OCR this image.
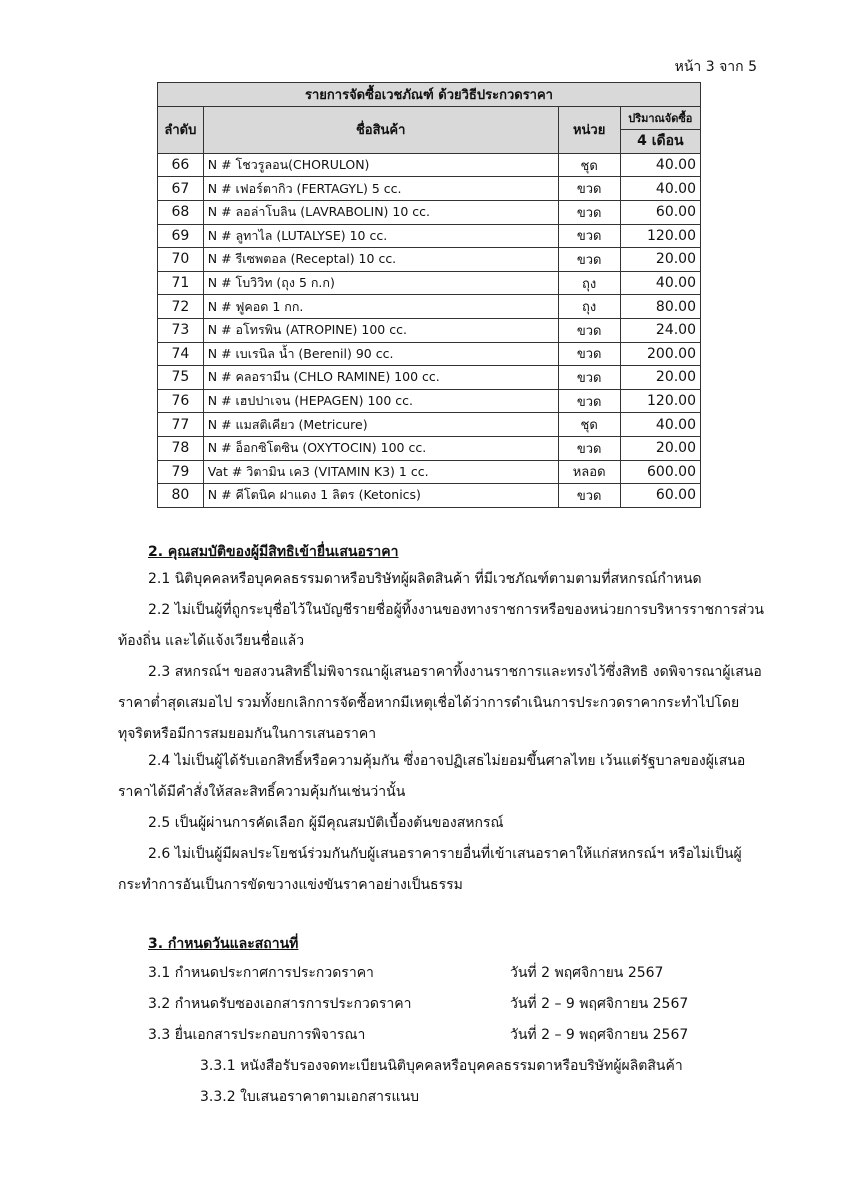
หน้า 3 จาก 5
รายการจัดซื้อเวชภัณฑ์ ด้วยวิธีประกวดราคา			
ลำดับ	ชื่อสินค้า	หน่วย	ปริมาณจัดซื้อ
			4 เดือน
66	N # โชวรูลอน(CHORULON)	ชุด	40.00
67	N # เฟอร์ตากิว (FERTAGYL) 5 cc.	ขวด	40.00
68	N # ลอล่าโบลิน (LAVRABOLIN) 10 cc.	ขวด	60.00
69	N # ลูทาไล (LUTALYSE) 10 cc.	ขวด	120.00
70	N # รีเซพตอล (Receptal) 10 cc.	ขวด	20.00
71	N # โบวิวิท (ถุง 5 ก.ก)	ถุง	40.00
72	N # ฟูคอด 1 กก.	ถุง	80.00
73	N # อโทรพิน (ATROPINE) 100 cc.	ขวด	24.00
74	N # เบเรนิล น้ำ (Berenil) 90 cc.	ขวด	200.00
75	N # คลอรามีน (CHLO RAMINE) 100 cc.	ขวด	20.00
76	N # เฮปปาเจน (HEPAGEN) 100 cc.	ขวด	120.00
77	N # แมสติเคียว (Metricure)	ชุด	40.00
78	N # อ็อกซิโตซิน (OXYTOCIN) 100 cc.	ขวด	20.00
79	Vat # วิตามิน เค3 (VITAMIN K3) 1 cc.	หลอด	600.00
80	N # คีโตนิค ฝาแดง 1 ลิตร (Ketonics)	ขวด	60.00
2. คุณสมบัติของผู้มีสิทธิเข้ายื่นเสนอราคา
2.1 นิติบุคคลหรือบุคคลธรรมดาหรือบริษัทผู้ผลิตสินค้า ที่มีเวชภัณฑ์ตามตามที่สหกรณ์กำหนด
2.2 ไม่เป็นผู้ที่ถูกระบุชื่อไว้ในบัญชีรายชื่อผู้ทิ้งงานของทางราชการหรือของหน่วยการบริหารราชการส่วนท้องถิ่น และได้แจ้งเวียนชื่อแล้ว
2.3 สหกรณ์ฯ ขอสงวนสิทธิ์ไม่พิจารณาผู้เสนอราคาทิ้งงานราชการและทรงไว้ซึ่งสิทธิ งดพิจารณาผู้เสนอราคาต่ำสุดเสมอไป รวมทั้งยกเลิกการจัดซื้อหากมีเหตุเชื่อได้ว่าการดำเนินการประกวดราคากระทำไปโดยทุจริตหรือมีการสมยอมกันในการเสนอราคา
2.4 ไม่เป็นผู้ได้รับเอกสิทธิ์หรือความคุ้มกัน ซึ่งอาจปฏิเสธไม่ยอมขึ้นศาลไทย เว้นแต่รัฐบาลของผู้เสนอราคาได้มีคำสั่งให้สละสิทธิ์ความคุ้มกันเช่นว่านั้น
2.5 เป็นผู้ผ่านการคัดเลือก ผู้มีคุณสมบัติเบื้องต้นของสหกรณ์
2.6 ไม่เป็นผู้มีผลประโยชน์ร่วมกันกับผู้เสนอราคารายอื่นที่เข้าเสนอราคาให้แก่สหกรณ์ฯ หรือไม่เป็นผู้กระทำการอันเป็นการขัดขวางแข่งขันราคาอย่างเป็นธรรม
3. กำหนดวันและสถานที่
3.1 กำหนดประกาศการประกวดราคา	วันที่ 2 พฤศจิกายน 2567
3.2 กำหนดรับซองเอกสารการประกวดราคา	วันที่ 2 – 9 พฤศจิกายน 2567
3.3 ยื่นเอกสารประกอบการพิจารณา	วันที่ 2 – 9 พฤศจิกายน 2567
3.3.1 หนังสือรับรองจดทะเบียนนิติบุคคลหรือบุคคลธรรมดาหรือบริษัทผู้ผลิตสินค้า
3.3.2 ใบเสนอราคาตามเอกสารแนบ
